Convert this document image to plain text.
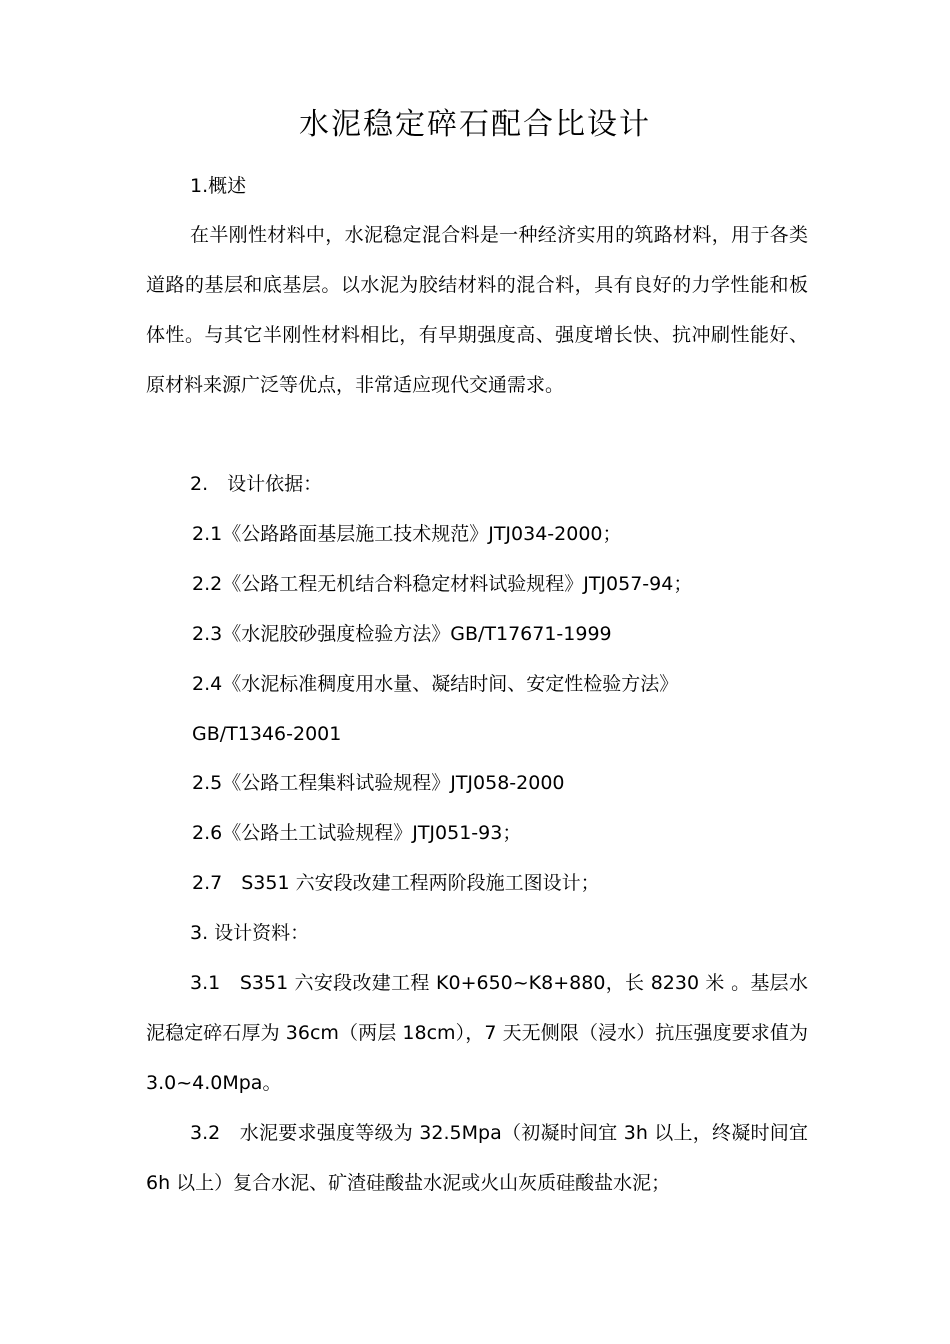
水泥稳定碎石配合比设计
1.概述
在半刚性材料中，水泥稳定混合料是一种经济实用的筑路材料，用于各类道路的基层和底基层。以水泥为胶结材料的混合料，具有良好的力学性能和板体性。与其它半刚性材料相比，有早期强度高、强度增长快、抗冲刷性能好、原材料来源广泛等优点，非常适应现代交通需求。
2.　设计依据：
2.1《公路路面基层施工技术规范》JTJ034-2000；
2.2《公路工程无机结合料稳定材料试验规程》JTJ057-94；
2.3《水泥胶砂强度检验方法》GB/T17671-1999
2.4《水泥标准稠度用水量、凝结时间、安定性检验方法》
GB/T1346-2001
2.5《公路工程集料试验规程》JTJ058-2000
2.6《公路土工试验规程》JTJ051-93；
2.7　S351 六安段改建工程两阶段施工图设计；
3. 设计资料：
3.1　S351 六安段改建工程 K0+650~K8+880，长 8230 米 。基层水泥稳定碎石厚为 36cm（两层 18cm），7 天无侧限（浸水）抗压强度要求值为 3.0~4.0Mpa。
3.2　水泥要求强度等级为 32.5Mpa（初凝时间宜 3h 以上，终凝时间宜 6h 以上）复合水泥、矿渣硅酸盐水泥或火山灰质硅酸盐水泥；
